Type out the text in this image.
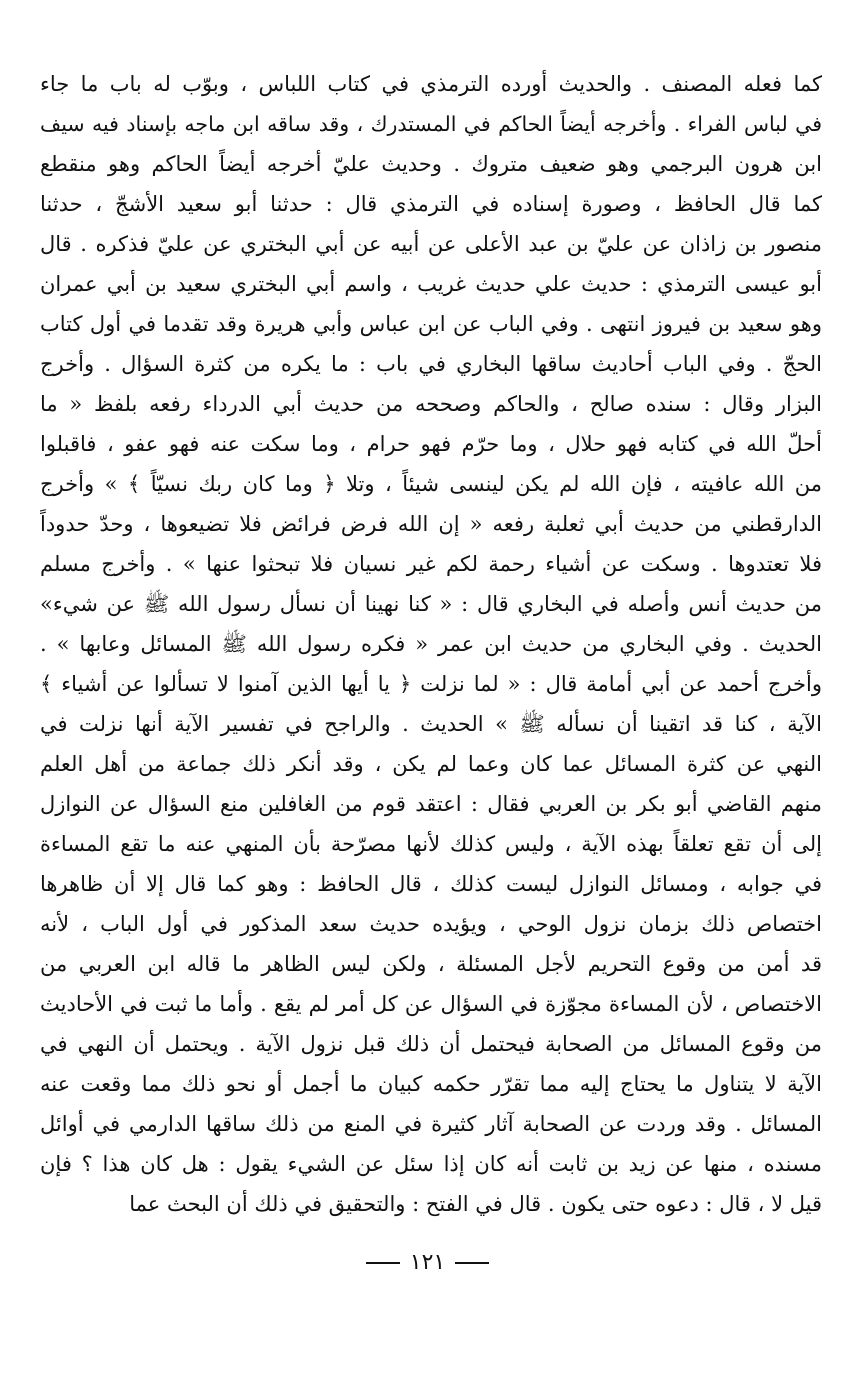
كما فعله المصنف . والحديث أورده الترمذي في كتاب اللباس ، وبوّب له باب ما جاء
في لباس الفراء . وأخرجه أيضاً الحاكم في المستدرك ، وقد ساقه ابن ماجه بإسناد فيه سيف
ابن هرون البرجمي وهو ضعيف متروك . وحديث عليّ أخرجه أيضاً الحاكم وهو منقطع
كما قال الحافظ ، وصورة إسناده في الترمذي قال : حدثنا أبو سعيد الأشجّ ، حدثنا
منصور بن زاذان عن عليّ بن عبد الأعلى عن أبيه عن أبي البختري عن عليّ فذكره . قال
أبو عيسى الترمذي : حديث علي حديث غريب ، واسم أبي البختري سعيد بن أبي عمران
وهو سعيد بن فيروز انتهى . وفي الباب عن ابن عباس وأبي هريرة وقد تقدما في أول كتاب
الحجّ . وفي الباب أحاديث ساقها البخاري في باب : ما يكره من كثرة السؤال . وأخرج
البزار وقال : سنده صالح ، والحاكم وصححه من حديث أبي الدرداء رفعه بلفظ « ما
أحلّ الله في كتابه فهو حلال ، وما حرّم فهو حرام ، وما سكت عنه فهو عفو ، فاقبلوا
من الله عافيته ، فإن الله لم يكن لينسى شيئاً ، وتلا ﴿ وما كان ربك نسيّاً ﴾ » وأخرج
الدارقطني من حديث أبي ثعلبة رفعه « إن الله فرض فرائض فلا تضيعوها ، وحدّ حدوداً
فلا تعتدوها . وسكت عن أشياء رحمة لكم غير نسيان فلا تبحثوا عنها » . وأخرج مسلم
من حديث أنس وأصله في البخاري قال : « كنا نهينا أن نسأل رسول الله ﷺ عن شيء»
الحديث . وفي البخاري من حديث ابن عمر « فكره رسول الله ﷺ المسائل وعابها » .
وأخرج أحمد عن أبي أمامة قال : « لما نزلت ﴿ يا أيها الذين آمنوا لا تسألوا عن أشياء ﴾
الآية ، كنا قد اتقينا أن نسأله ﷺ » الحديث . والراجح في تفسير الآية أنها نزلت في
النهي عن كثرة المسائل عما كان وعما لم يكن ، وقد أنكر ذلك جماعة من أهل العلم
منهم القاضي أبو بكر بن العربي فقال : اعتقد قوم من الغافلين منع السؤال عن النوازل
إلى أن تقع تعلقاً بهذه الآية ، وليس كذلك لأنها مصرّحة بأن المنهي عنه ما تقع المساءة
في جوابه ، ومسائل النوازل ليست كذلك ، قال الحافظ : وهو كما قال إلا أن ظاهرها
اختصاص ذلك بزمان نزول الوحي ، ويؤيده حديث سعد المذكور في أول الباب ، لأنه
قد أمن من وقوع التحريم لأجل المسئلة ، ولكن ليس الظاهر ما قاله ابن العربي من
الاختصاص ، لأن المساءة مجوّزة في السؤال عن كل أمر لم يقع . وأما ما ثبت في الأحاديث
من وقوع المسائل من الصحابة فيحتمل أن ذلك قبل نزول الآية . ويحتمل أن النهي في
الآية لا يتناول ما يحتاج إليه مما تقرّر حكمه كبيان ما أجمل أو نحو ذلك مما وقعت عنه
المسائل . وقد وردت عن الصحابة آثار كثيرة في المنع من ذلك ساقها الدارمي في أوائل
مسنده ، منها عن زيد بن ثابت أنه كان إذا سئل عن الشيء يقول : هل كان هذا ؟ فإن
قيل لا ، قال : دعوه حتى يكون . قال في الفتح : والتحقيق في ذلك أن البحث عما
١٢١
